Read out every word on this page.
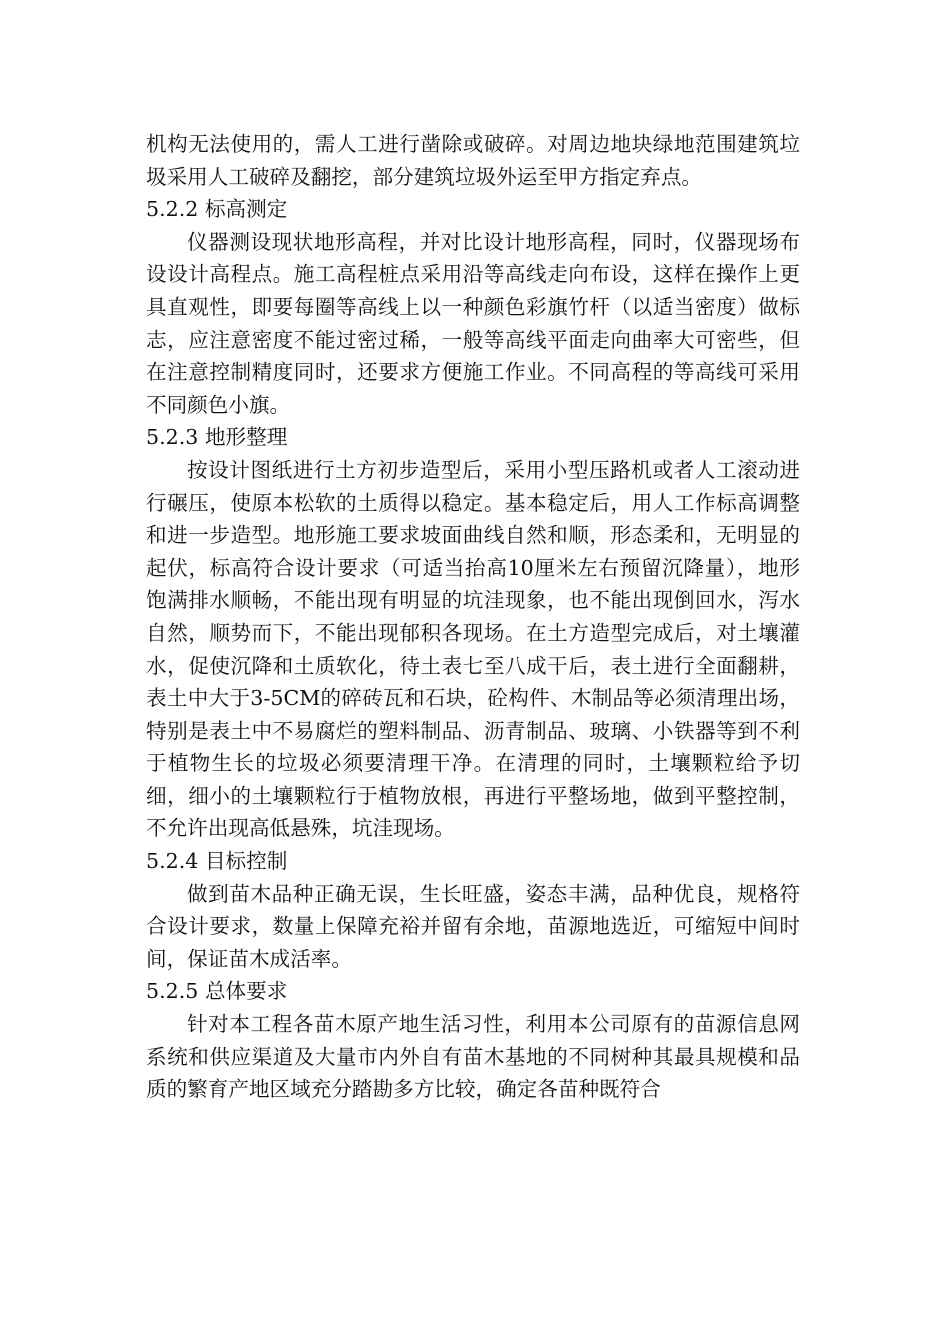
机构无法使用的，需人工进行凿除或破碎。对周边地块绿地范围建筑垃圾采用人工破碎及翻挖，部分建筑垃圾外运至甲方指定弃点。

5.2.2 标高测定

仪器测设现状地形高程，并对比设计地形高程，同时，仪器现场布设设计高程点。施工高程桩点采用沿等高线走向布设，这样在操作上更具直观性，即要每圈等高线上以一种颜色彩旗竹杆（以适当密度）做标志，应注意密度不能过密过稀，一般等高线平面走向曲率大可密些，但在注意控制精度同时，还要求方便施工作业。不同高程的等高线可采用不同颜色小旗。

5.2.3 地形整理

按设计图纸进行土方初步造型后，采用小型压路机或者人工滚动进行碾压，使原本松软的土质得以稳定。基本稳定后，用人工作标高调整和进一步造型。地形施工要求坡面曲线自然和顺，形态柔和，无明显的起伏，标高符合设计要求（可适当抬高10厘米左右预留沉降量），地形饱满排水顺畅，不能出现有明显的坑洼现象，也不能出现倒回水，泻水自然，顺势而下，不能出现郁积各现场。在土方造型完成后，对土壤灌水，促使沉降和土质软化，待土表七至八成干后，表土进行全面翻耕，表土中大于3-5CM的碎砖瓦和石块，砼构件、木制品等必须清理出场，特别是表土中不易腐烂的塑料制品、沥青制品、玻璃、小铁器等到不利于植物生长的垃圾必须要清理干净。在清理的同时，土壤颗粒给予切细，细小的土壤颗粒行于植物放根，再进行平整场地，做到平整控制，不允许出现高低悬殊，坑洼现场。

5.2.4 目标控制

做到苗木品种正确无误，生长旺盛，姿态丰满，品种优良，规格符合设计要求，数量上保障充裕并留有余地，苗源地选近，可缩短中间时间，保证苗木成活率。

5.2.5 总体要求

针对本工程各苗木原产地生活习性，利用本公司原有的苗源信息网系统和供应渠道及大量市内外自有苗木基地的不同树种其最具规模和品质的繁育产地区域充分踏勘多方比较，确定各苗种既符合
